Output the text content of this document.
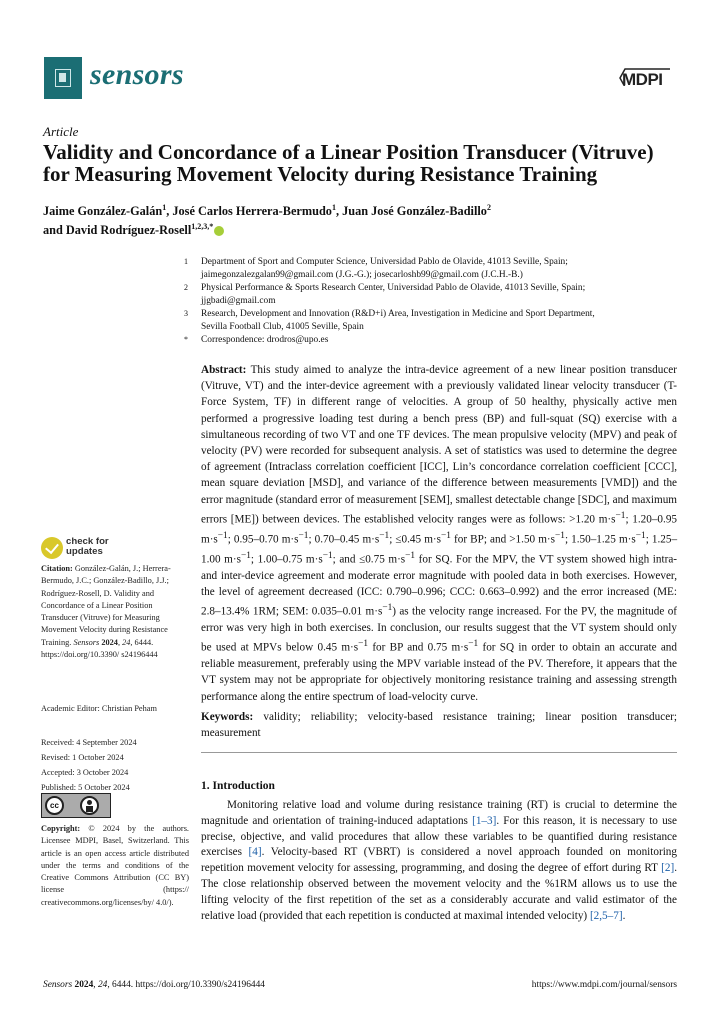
sensors	MDPI
Article
Validity and Concordance of a Linear Position Transducer (Vitruve)
for Measuring Movement Velocity during Resistance Training
Jaime González-Galán$^1$, José Carlos Herrera-Bermudo$^1$, Juan José González-Badillo$^2$
and David Rodríguez-Rosell$^{1,2,3,*}$
1 Department of Sport and Computer Science, Universidad Pablo de Olavide, 41013 Seville, Spain;
jaimegonzalezgalan99@gmail.com (J.G.-G.); josecarloshb99@gmail.com (J.C.H.-B.)
2 Physical Performance & Sports Research Center, Universidad Pablo de Olavide, 41013 Seville, Spain;
jjgbadi@gmail.com
3 Research, Development and Innovation (R&D+i) Area, Investigation in Medicine and Sport Department,
Sevilla Football Club, 41005 Seville, Spain
* Correspondence: drodros@upo.es
Abstract: This study aimed to analyze the intra-device agreement of a new linear position transducer (Vitruve, VT) and the inter-device agreement with a previously validated linear velocity transducer (T-Force System, TF) in different range of velocities. A group of 50 healthy, physically active men performed a progressive loading test during a bench press (BP) and full-squat (SQ) exercise with a simultaneous recording of two VT and one TF devices. The mean propulsive velocity (MPV) and peak of velocity (PV) were recorded for subsequent analysis. A set of statistics was used to determine the degree of agreement (Intraclass correlation coefficient [ICC], Lin’s concordance correlation coefficient [CCC], mean square deviation [MSD], and variance of the difference between measurements [VMD]) and the error magnitude (standard error of measurement [SEM], smallest detectable change [SDC], and maximum errors [ME]) between devices. The established velocity ranges were as follows: >1.20 $m\cdot s^{-1}$; 1.20–0.95 $m\cdot s^{-1}$; 0.95–0.70 $m\cdot s^{-1}$; 0.70–0.45 $m\cdot s^{-1}$; ≤0.45 $m\cdot s^{-1}$ for BP; and >1.50 $m\cdot s^{-1}$; 1.50–1.25 $m\cdot s^{-1}$; 1.25–1.00 $m\cdot s^{-1}$; 1.00–0.75 $m\cdot s^{-1}$; and ≤0.75 $m\cdot s^{-1}$ for SQ. For the MPV, the VT system showed high intra- and inter-device agreement and moderate error magnitude with pooled data in both exercises. However, the level of agreement decreased (ICC: 0.790–0.996; CCC: 0.663–0.992) and the error increased (ME: 2.8–13.4% 1RM; SEM: 0.035–0.01 $m\cdot s^{-1}$) as the velocity range increased. For the PV, the magnitude of error was very high in both exercises. In conclusion, our results suggest that the VT system should only be used at MPVs below 0.45 $m\cdot s^{-1}$ for BP and 0.75 $m\cdot s^{-1}$ for SQ in order to obtain an accurate and reliable measurement, preferably using the MPV variable instead of the PV. Therefore, it appears that the VT system may not be appropriate for objectively monitoring resistance training and assessing strength performance along the entire spectrum of load-velocity curve.
Keywords: validity; reliability; velocity-based resistance training; linear position transducer; measurement
1. Introduction
Monitoring relative load and volume during resistance training (RT) is crucial to determine the magnitude and orientation of training-induced adaptations [1–3]. For this reason, it is necessary to use precise, objective, and valid procedures that allow these variables to be quantified during resistance exercises [4]. Velocity-based RT (VBRT) is considered a novel approach founded on monitoring repetition movement velocity for assessing, programming, and dosing the degree of effort during RT [2]. The close relationship observed between the movement velocity and the %1RM allows us to use the lifting velocity of the first repetition of the set as a considerably accurate and valid estimator of the relative load (provided that each repetition is conducted at maximal intended velocity) [2,5–7].
check for
updates
Citation: González-Galán, J.; Herrera-Bermudo, J.C.; González-Badillo, J.J.; Rodríguez-Rosell, D. Validity and Concordance of a Linear Position Transducer (Vitruve) for Measuring Movement Velocity during Resistance Training. Sensors 2024, 24, 6444. https://doi.org/10.3390/ s24196444
Academic Editor: Christian Peham
Received: 4 September 2024
Revised: 1 October 2024
Accepted: 3 October 2024
Published: 5 October 2024
cc
Copyright: © 2024 by the authors. Licensee MDPI, Basel, Switzerland. This article is an open access article distributed under the terms and conditions of the Creative Commons Attribution (CC BY) license (https:// creativecommons.org/licenses/by/ 4.0/).
Sensors 2024, 24, 6444. https://doi.org/10.3390/s24196444	https://www.mdpi.com/journal/sensors
